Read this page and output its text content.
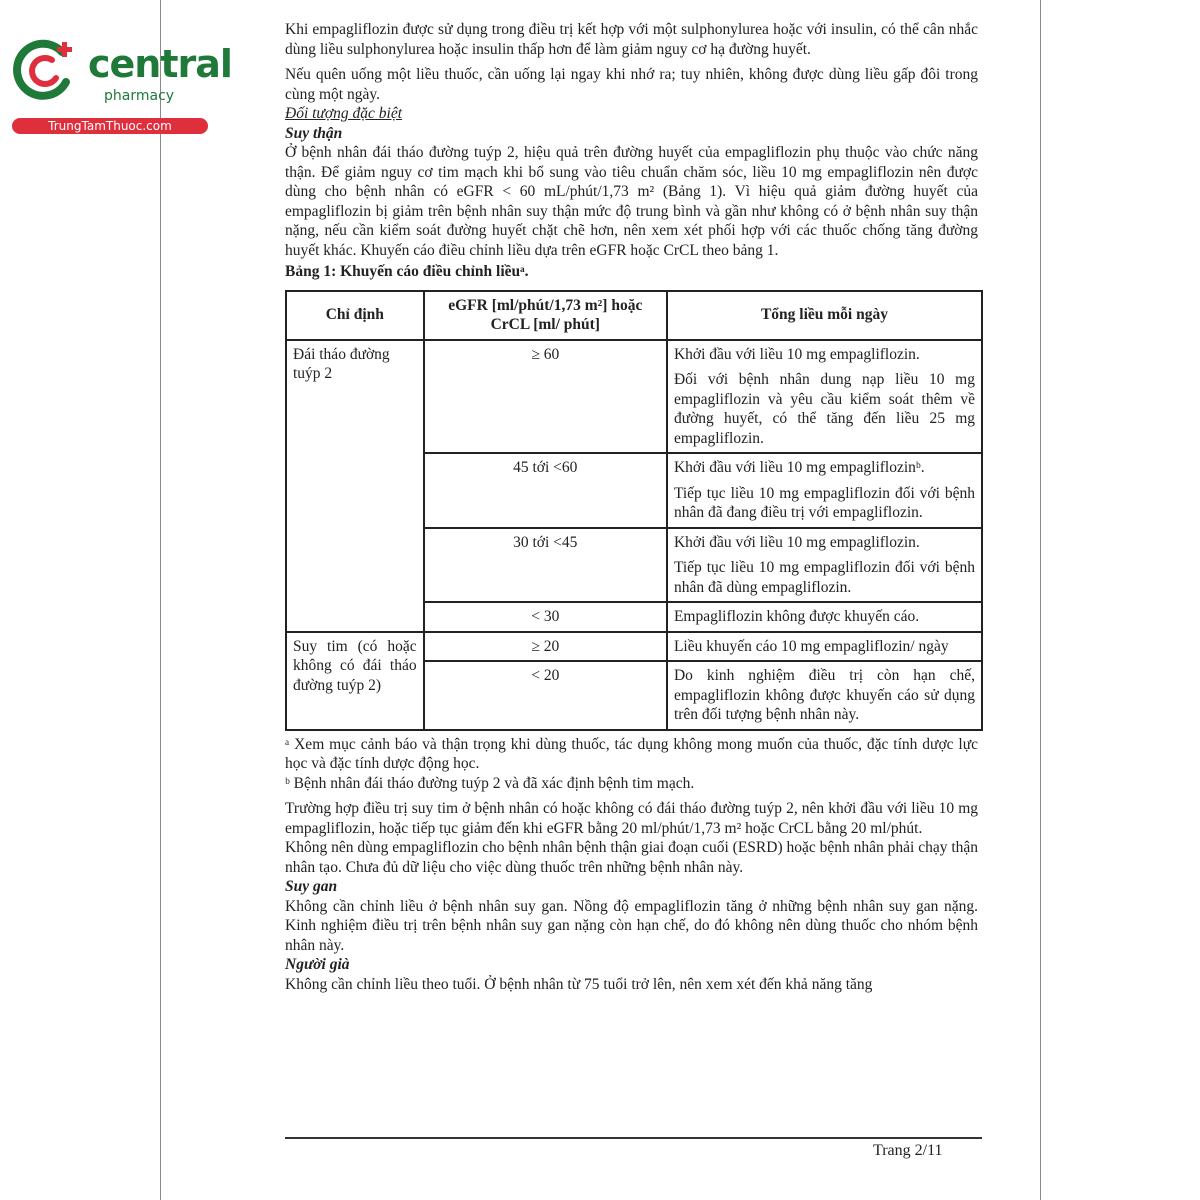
central
pharmacy
TrungTamThuoc.com

Khi empagliflozin được sử dụng trong điều trị kết hợp với một sulphonylurea hoặc với insulin, có thể cân nhắc dùng liều sulphonylurea hoặc insulin thấp hơn để làm giảm nguy cơ hạ đường huyết.

Nếu quên uống một liều thuốc, cần uống lại ngay khi nhớ ra; tuy nhiên, không được dùng liều gấp đôi trong cùng một ngày.

Đối tượng đặc biệt

Suy thận

Ở bệnh nhân đái tháo đường tuýp 2, hiệu quả trên đường huyết của empagliflozin phụ thuộc vào chức năng thận. Để giảm nguy cơ tim mạch khi bổ sung vào tiêu chuẩn chăm sóc, liều 10 mg empagliflozin nên được dùng cho bệnh nhân có eGFR < 60 mL/phút/1,73 m² (Bảng 1). Vì hiệu quả giảm đường huyết của empagliflozin bị giảm trên bệnh nhân suy thận mức độ trung bình và gần như không có ở bệnh nhân suy thận nặng, nếu cần kiểm soát đường huyết chặt chẽ hơn, nên xem xét phối hợp với các thuốc chống tăng đường huyết khác. Khuyến cáo điều chỉnh liều dựa trên eGFR hoặc CrCL theo bảng 1.

Bảng 1: Khuyến cáo điều chỉnh liềuᵃ.

Chỉ định	eGFR [ml/phút/1,73 m²] hoặc CrCL [ml/ phút]	Tổng liều mỗi ngày
Đái tháo đường tuýp 2	≥ 60	Khởi đầu với liều 10 mg empagliflozin.

Đối với bệnh nhân dung nạp liều 10 mg empagliflozin và yêu cầu kiểm soát thêm về đường huyết, có thể tăng đến liều 25 mg empagliflozin.

	45 tới <60	Khởi đầu với liều 10 mg empagliflozinᵇ.

Tiếp tục liều 10 mg empagliflozin đối với bệnh nhân đã đang điều trị với empagliflozin.

	30 tới <45	Khởi đầu với liều 10 mg empagliflozin.

Tiếp tục liều 10 mg empagliflozin đối với bệnh nhân đã dùng empagliflozin.

	< 30	Empagliflozin không được khuyến cáo.

Suy tim (có hoặc không có đái tháo đường tuýp 2)	≥ 20	Liều khuyến cáo 10 mg empagliflozin/ ngày

	< 20	Do kinh nghiệm điều trị còn hạn chế, empagliflozin không được khuyến cáo sử dụng trên đối tượng bệnh nhân này.

ᵃ Xem mục cảnh báo và thận trọng khi dùng thuốc, tác dụng không mong muốn của thuốc, đặc tính dược lực học và đặc tính dược động học.

ᵇ Bệnh nhân đái tháo đường tuýp 2 và đã xác định bệnh tim mạch.

Trường hợp điều trị suy tim ở bệnh nhân có hoặc không có đái tháo đường tuýp 2, nên khởi đầu với liều 10 mg empagliflozin, hoặc tiếp tục giảm đến khi eGFR bằng 20 ml/phút/1,73 m² hoặc CrCL bằng 20 ml/phút.

Không nên dùng empagliflozin cho bệnh nhân bệnh thận giai đoạn cuối (ESRD) hoặc bệnh nhân phải chạy thận nhân tạo. Chưa đủ dữ liệu cho việc dùng thuốc trên những bệnh nhân này.

Suy gan

Không cần chỉnh liều ở bệnh nhân suy gan. Nồng độ empagliflozin tăng ở những bệnh nhân suy gan nặng. Kinh nghiệm điều trị trên bệnh nhân suy gan nặng còn hạn chế, do đó không nên dùng thuốc cho nhóm bệnh nhân này.

Người già

Không cần chỉnh liều theo tuổi. Ở bệnh nhân từ 75 tuổi trở lên, nên xem xét đến khả năng tăng

Trang 2/11
